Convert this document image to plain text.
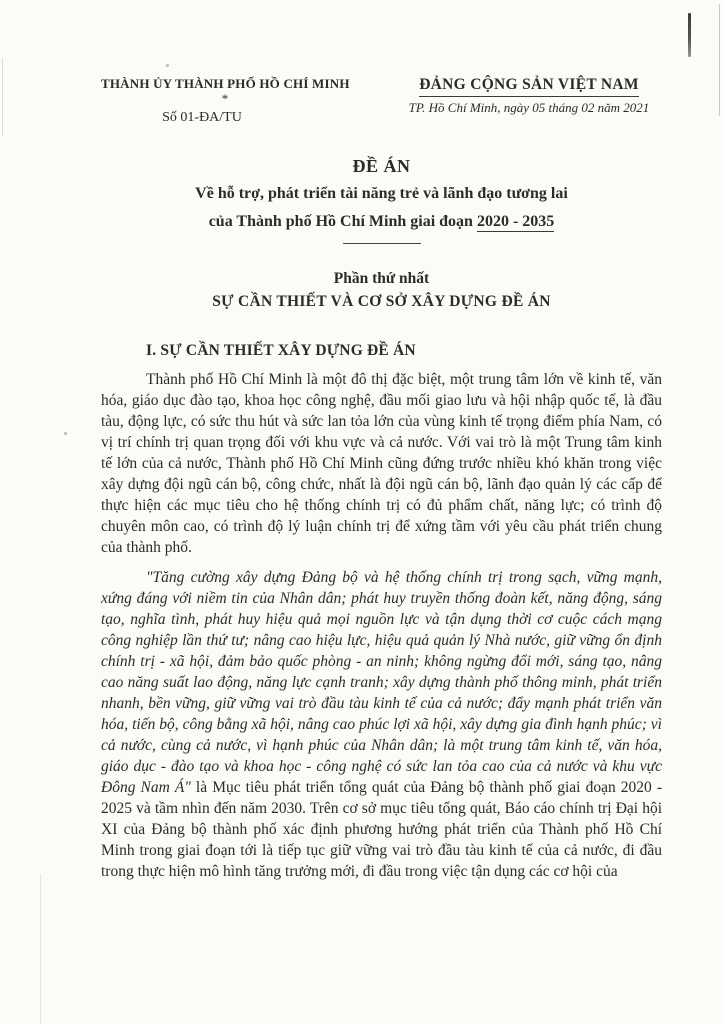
THÀNH ỦY THÀNH PHỐ HỒ CHÍ MINH
*
Số 01-ĐA/TU
ĐẢNG CỘNG SẢN VIỆT NAM
TP. Hồ Chí Minh, ngày 05 tháng 02 năm 2021
ĐỀ ÁN
Về hỗ trợ, phát triển tài năng trẻ và lãnh đạo tương lai
của Thành phố Hồ Chí Minh giai đoạn 2020 - 2035
Phần thứ nhất
SỰ CẦN THIẾT VÀ CƠ SỞ XÂY DỰNG ĐỀ ÁN
I. SỰ CẦN THIẾT XÂY DỰNG ĐỀ ÁN

Thành phố Hồ Chí Minh là một đô thị đặc biệt, một trung tâm lớn về kinh tế, văn hóa, giáo dục đào tạo, khoa học công nghệ, đầu mối giao lưu và hội nhập quốc tế, là đầu tàu, động lực, có sức thu hút và sức lan tỏa lớn của vùng kinh tế trọng điểm phía Nam, có vị trí chính trị quan trọng đối với khu vực và cả nước. Với vai trò là một Trung tâm kinh tế lớn của cả nước, Thành phố Hồ Chí Minh cũng đứng trước nhiều khó khăn trong việc xây dựng đội ngũ cán bộ, công chức, nhất là đội ngũ cán bộ, lãnh đạo quản lý các cấp để thực hiện các mục tiêu cho hệ thống chính trị có đủ phẩm chất, năng lực; có trình độ chuyên môn cao, có trình độ lý luận chính trị để xứng tầm với yêu cầu phát triển chung của thành phố.

"Tăng cường xây dựng Đảng bộ và hệ thống chính trị trong sạch, vững mạnh, xứng đáng với niềm tin của Nhân dân; phát huy truyền thống đoàn kết, năng động, sáng tạo, nghĩa tình, phát huy hiệu quả mọi nguồn lực và tận dụng thời cơ cuộc cách mạng công nghiệp lần thứ tư; nâng cao hiệu lực, hiệu quả quản lý Nhà nước, giữ vững ổn định chính trị - xã hội, đảm bảo quốc phòng - an ninh; không ngừng đổi mới, sáng tạo, nâng cao năng suất lao động, năng lực cạnh tranh; xây dựng thành phố thông minh, phát triển nhanh, bền vững, giữ vững vai trò đầu tàu kinh tế của cả nước; đẩy mạnh phát triển văn hóa, tiến bộ, công bằng xã hội, nâng cao phúc lợi xã hội, xây dựng gia đình hạnh phúc; vì cả nước, cùng cả nước, vì hạnh phúc của Nhân dân; là một trung tâm kinh tế, văn hóa, giáo dục - đào tạo và khoa học - công nghệ có sức lan tỏa cao của cả nước và khu vực Đông Nam Á" là Mục tiêu phát triển tổng quát của Đảng bộ thành phố giai đoạn 2020 - 2025 và tầm nhìn đến năm 2030. Trên cơ sở mục tiêu tổng quát, Báo cáo chính trị Đại hội XI của Đảng bộ thành phố xác định phương hướng phát triển của Thành phố Hồ Chí Minh trong giai đoạn tới là tiếp tục giữ vững vai trò đầu tàu kinh tế của cả nước, đi đầu trong thực hiện mô hình tăng trưởng mới, đi đầu trong việc tận dụng các cơ hội của
